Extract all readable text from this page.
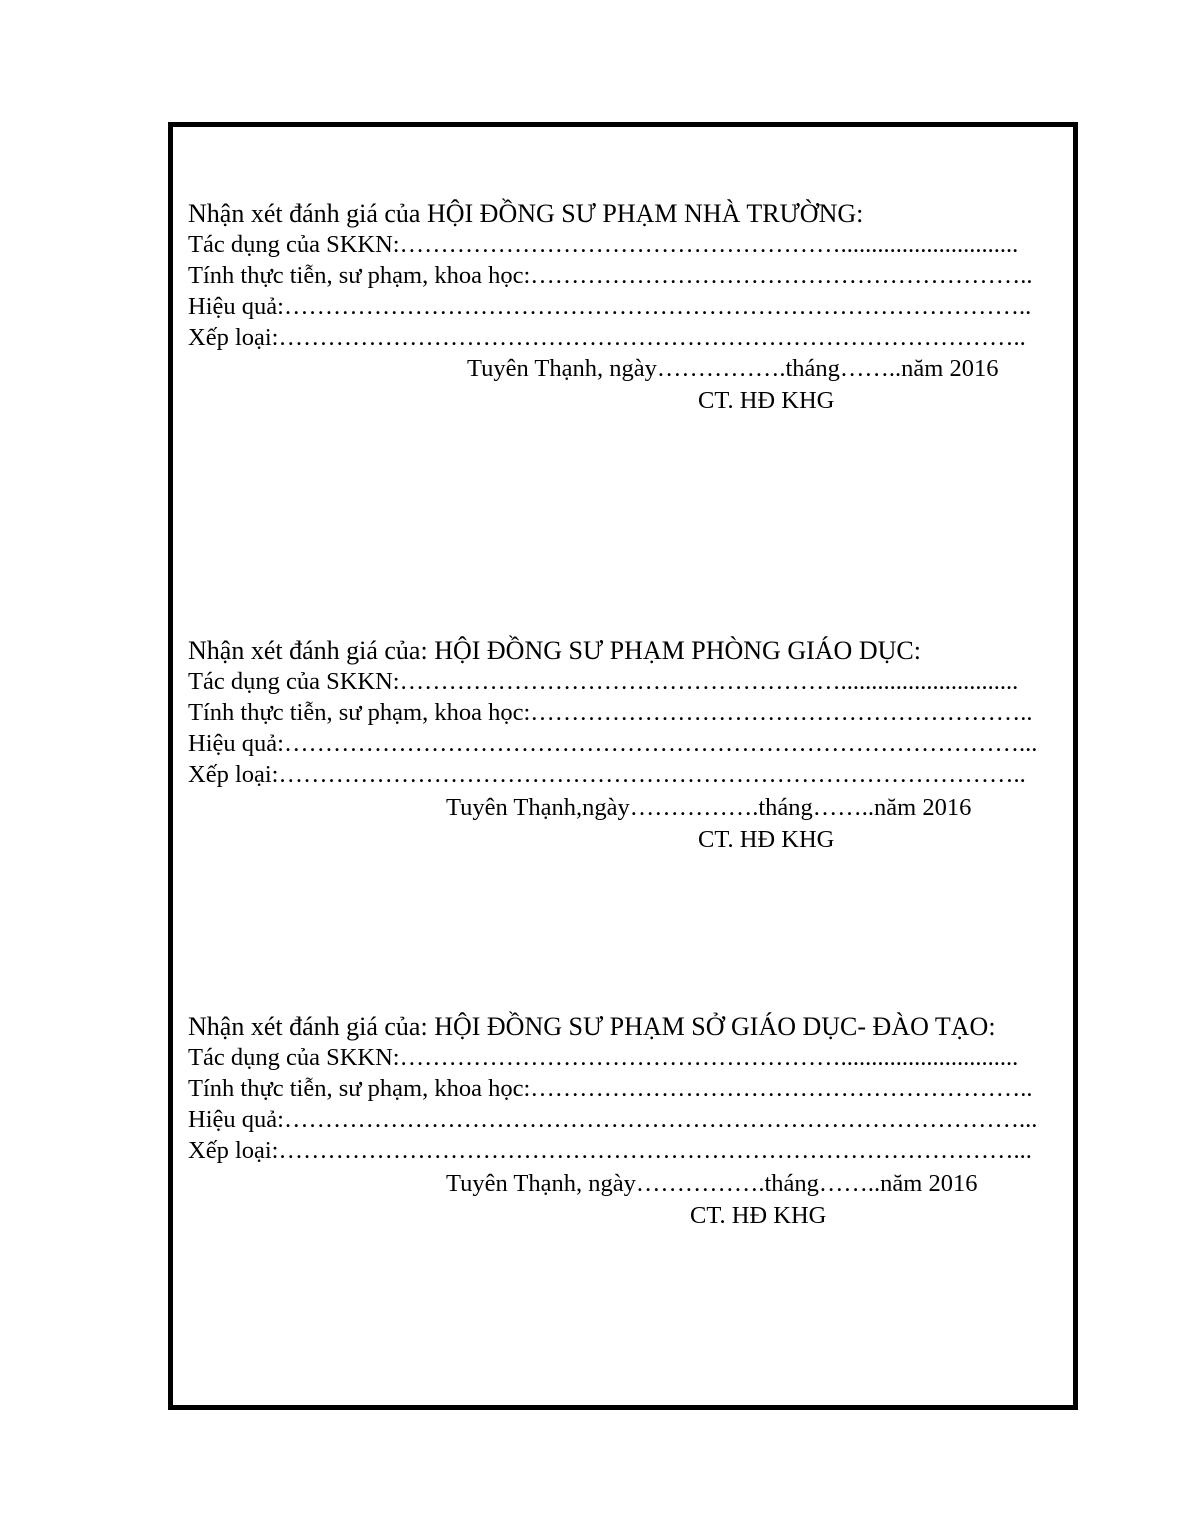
Nhận xét đánh giá của HỘI ĐỒNG SƯ PHẠM NHÀ TRƯỜNG:
Tác dụng của SKKN:……………………………………………….............................
Tính thực tiễn, sư phạm, khoa học:……………………………………………………..
Hiệu quả:………………………………………………………………………………..
Xếp loại:………………………………………………………………………………..
Tuyên Thạnh, ngày…………….tháng……..năm 2016
CT. HĐ KHG
Nhận xét đánh giá của: HỘI ĐỒNG SƯ PHẠM PHÒNG GIÁO DỤC:
Tác dụng của SKKN:……………………………………………….............................
Tính thực tiễn, sư phạm, khoa học:……………………………………………………..
Hiệu quả:………………………………………………………………………………...
Xếp loại:………………………………………………………………………………..
Tuyên Thạnh,ngày…………….tháng……..năm 2016
CT. HĐ KHG
Nhận xét đánh giá của: HỘI ĐỒNG SƯ PHẠM SỞ GIÁO DỤC- ĐÀO TẠO:
Tác dụng của SKKN:……………………………………………….............................
Tính thực tiễn, sư phạm, khoa học:……………………………………………………..
Hiệu quả:………………………………………………………………………………...
Xếp loại:………………………………………………………………………………...
Tuyên Thạnh, ngày…………….tháng……..năm 2016
CT. HĐ KHG
